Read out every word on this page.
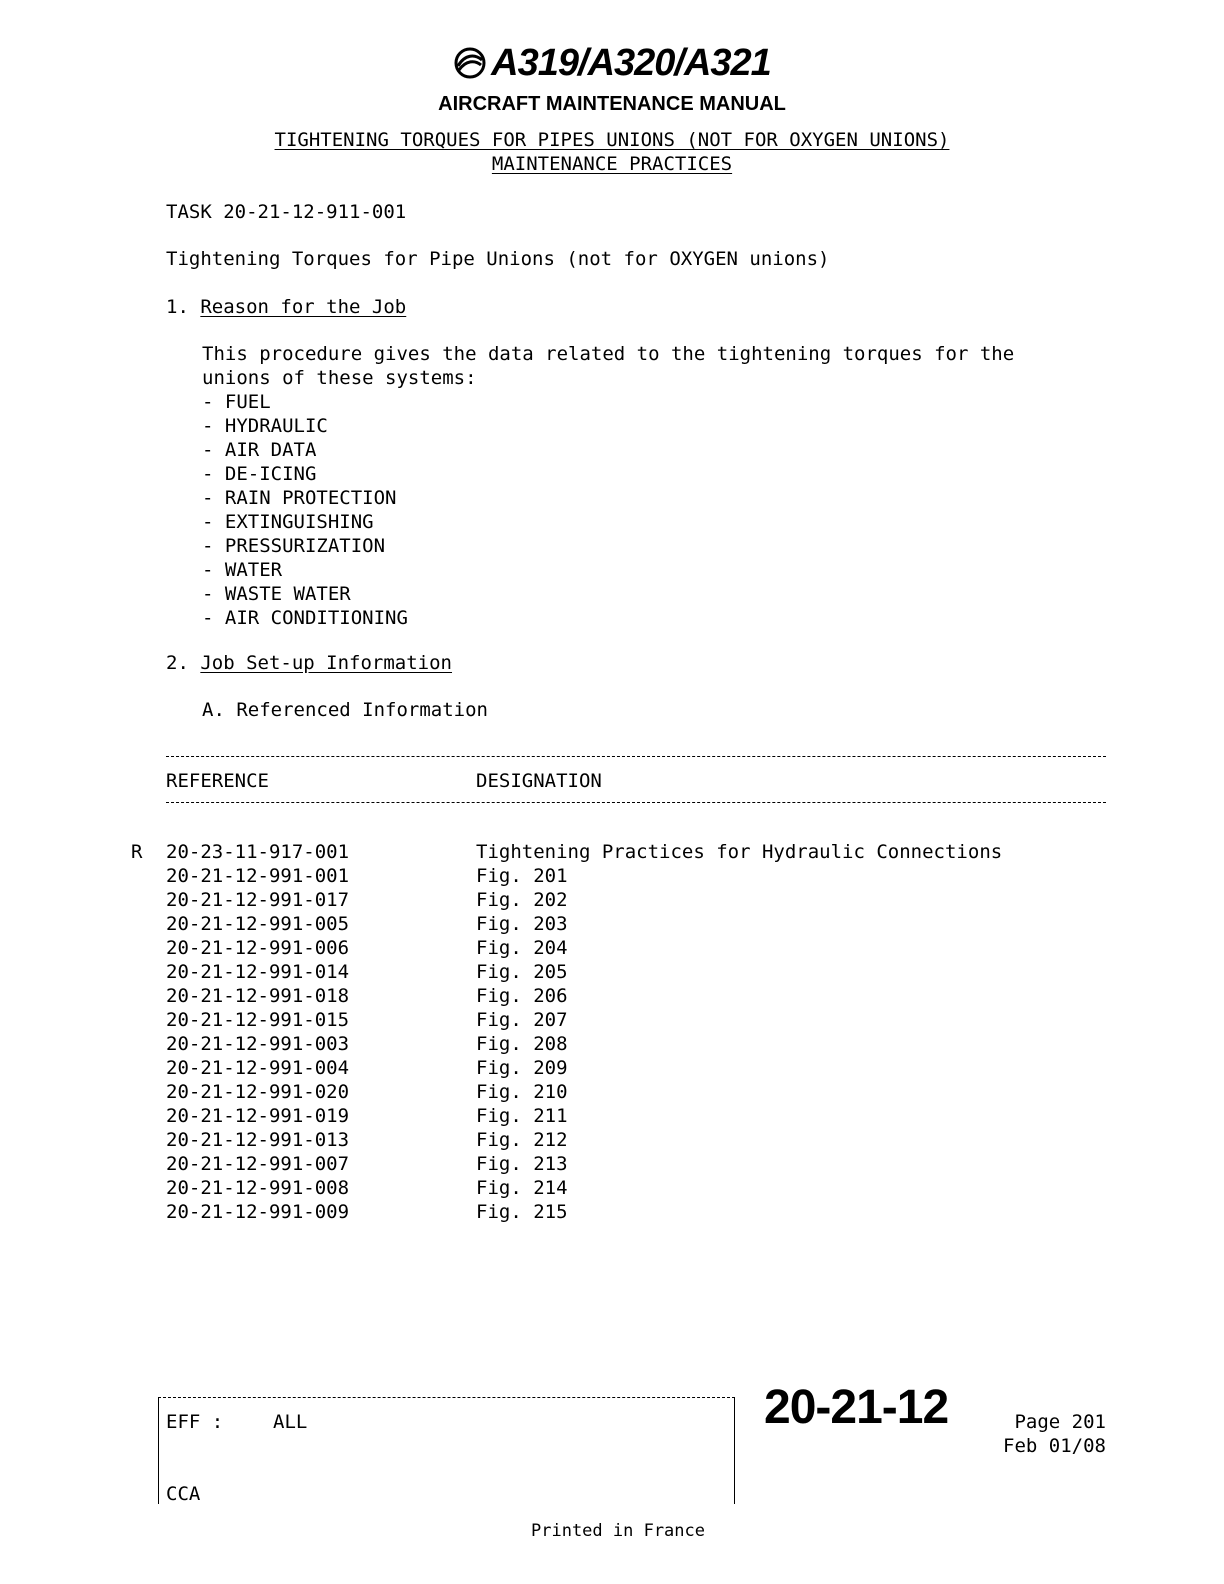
A319/A320/A321
AIRCRAFT MAINTENANCE MANUAL
TIGHTENING TORQUES FOR PIPES UNIONS (NOT FOR OXYGEN UNIONS)
MAINTENANCE PRACTICES
TASK 20-21-12-911-001
Tightening Torques for Pipe Unions (not for OXYGEN unions)
1. Reason for the Job
This procedure gives the data related to the tightening torques for the
unions of these systems:
- FUEL
- HYDRAULIC
- AIR DATA
- DE-ICING
- RAIN PROTECTION
- EXTINGUISHING
- PRESSURIZATION
- WATER
- WASTE WATER
- AIR CONDITIONING
2. Job Set-up Information
A. Referenced Information
REFERENCE	DESIGNATION
R	20-23-11-917-001	Tightening Practices for Hydraulic Connections
20-21-12-991-001	Fig. 201
20-21-12-991-017	Fig. 202
20-21-12-991-005	Fig. 203
20-21-12-991-006	Fig. 204
20-21-12-991-014	Fig. 205
20-21-12-991-018	Fig. 206
20-21-12-991-015	Fig. 207
20-21-12-991-003	Fig. 208
20-21-12-991-004	Fig. 209
20-21-12-991-020	Fig. 210
20-21-12-991-019	Fig. 211
20-21-12-991-013	Fig. 212
20-21-12-991-007	Fig. 213
20-21-12-991-008	Fig. 214
20-21-12-991-009	Fig. 215
EFF :	ALL
CCA
20-21-12	Page 201
Feb 01/08
Printed in France
